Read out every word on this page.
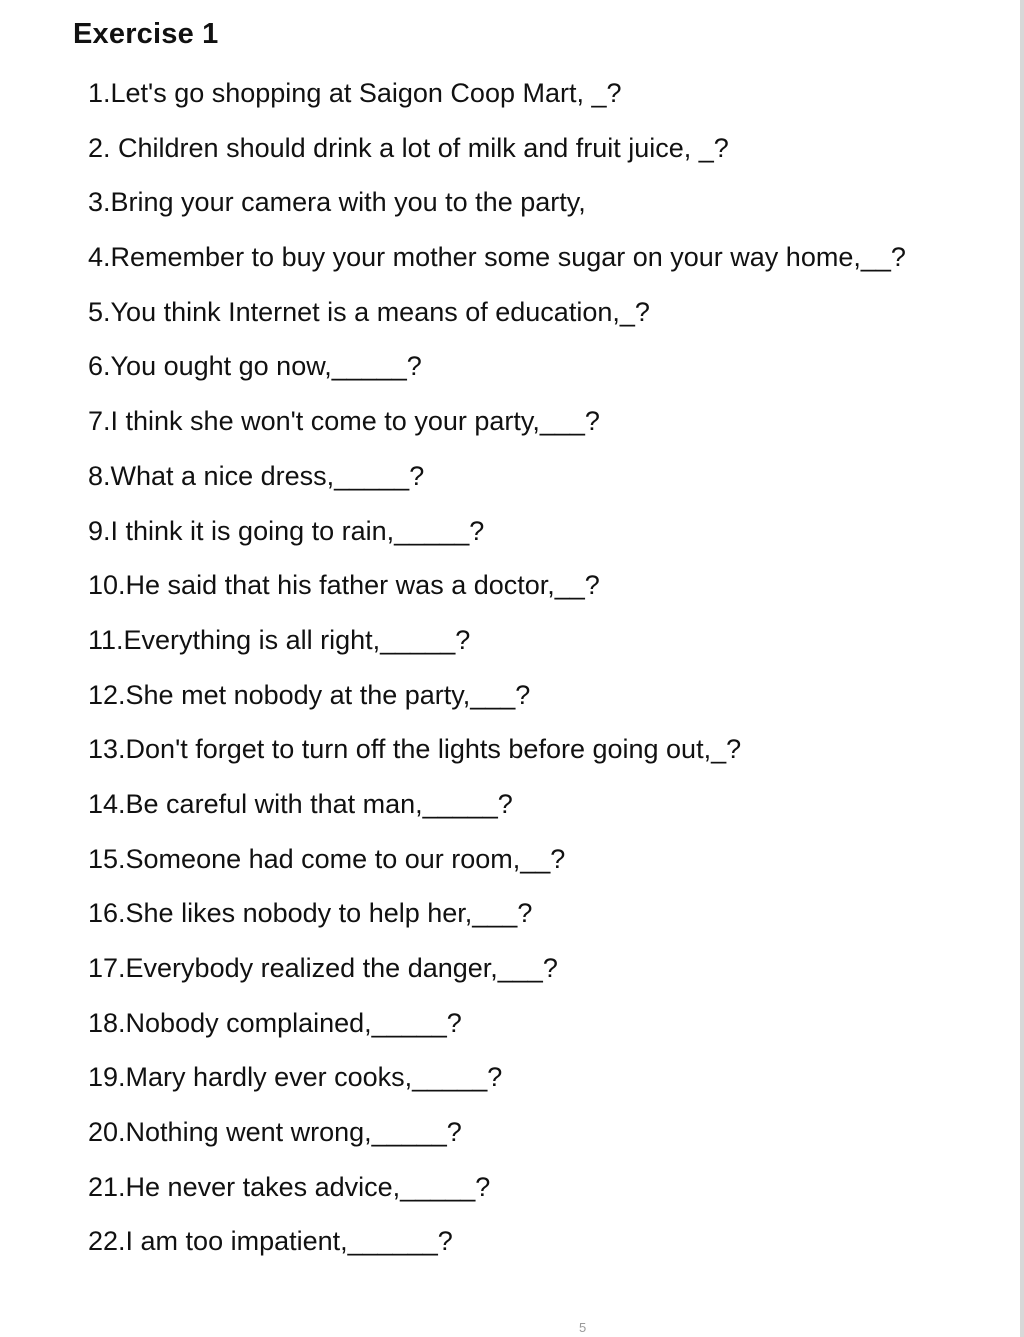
Exercise 1
1.Let's go shopping at Saigon Coop Mart, _?
2. Children should drink a lot of milk and fruit juice, _?
3.Bring your camera with you to the party,
4.Remember to buy your mother some sugar on your way home,__?
5.You think Internet is a means of education,_?
6.You ought go now,_____?
7.I think she won't come to your party,___?
8.What a nice dress,_____?
9.I think it is going to rain,_____?
10.He said that his father was a doctor,__?
11.Everything is all right,_____?
12.She met nobody at the party,___?
13.Don't forget to turn off the lights before going out,_?
14.Be careful with that man,_____?
15.Someone had come to our room,__?
16.She likes nobody to help her,___?
17.Everybody realized the danger,___?
18.Nobody complained,_____?
19.Mary hardly ever cooks,_____?
20.Nothing went wrong,_____?
21.He never takes advice,_____?
22.I am too impatient,______?
5
